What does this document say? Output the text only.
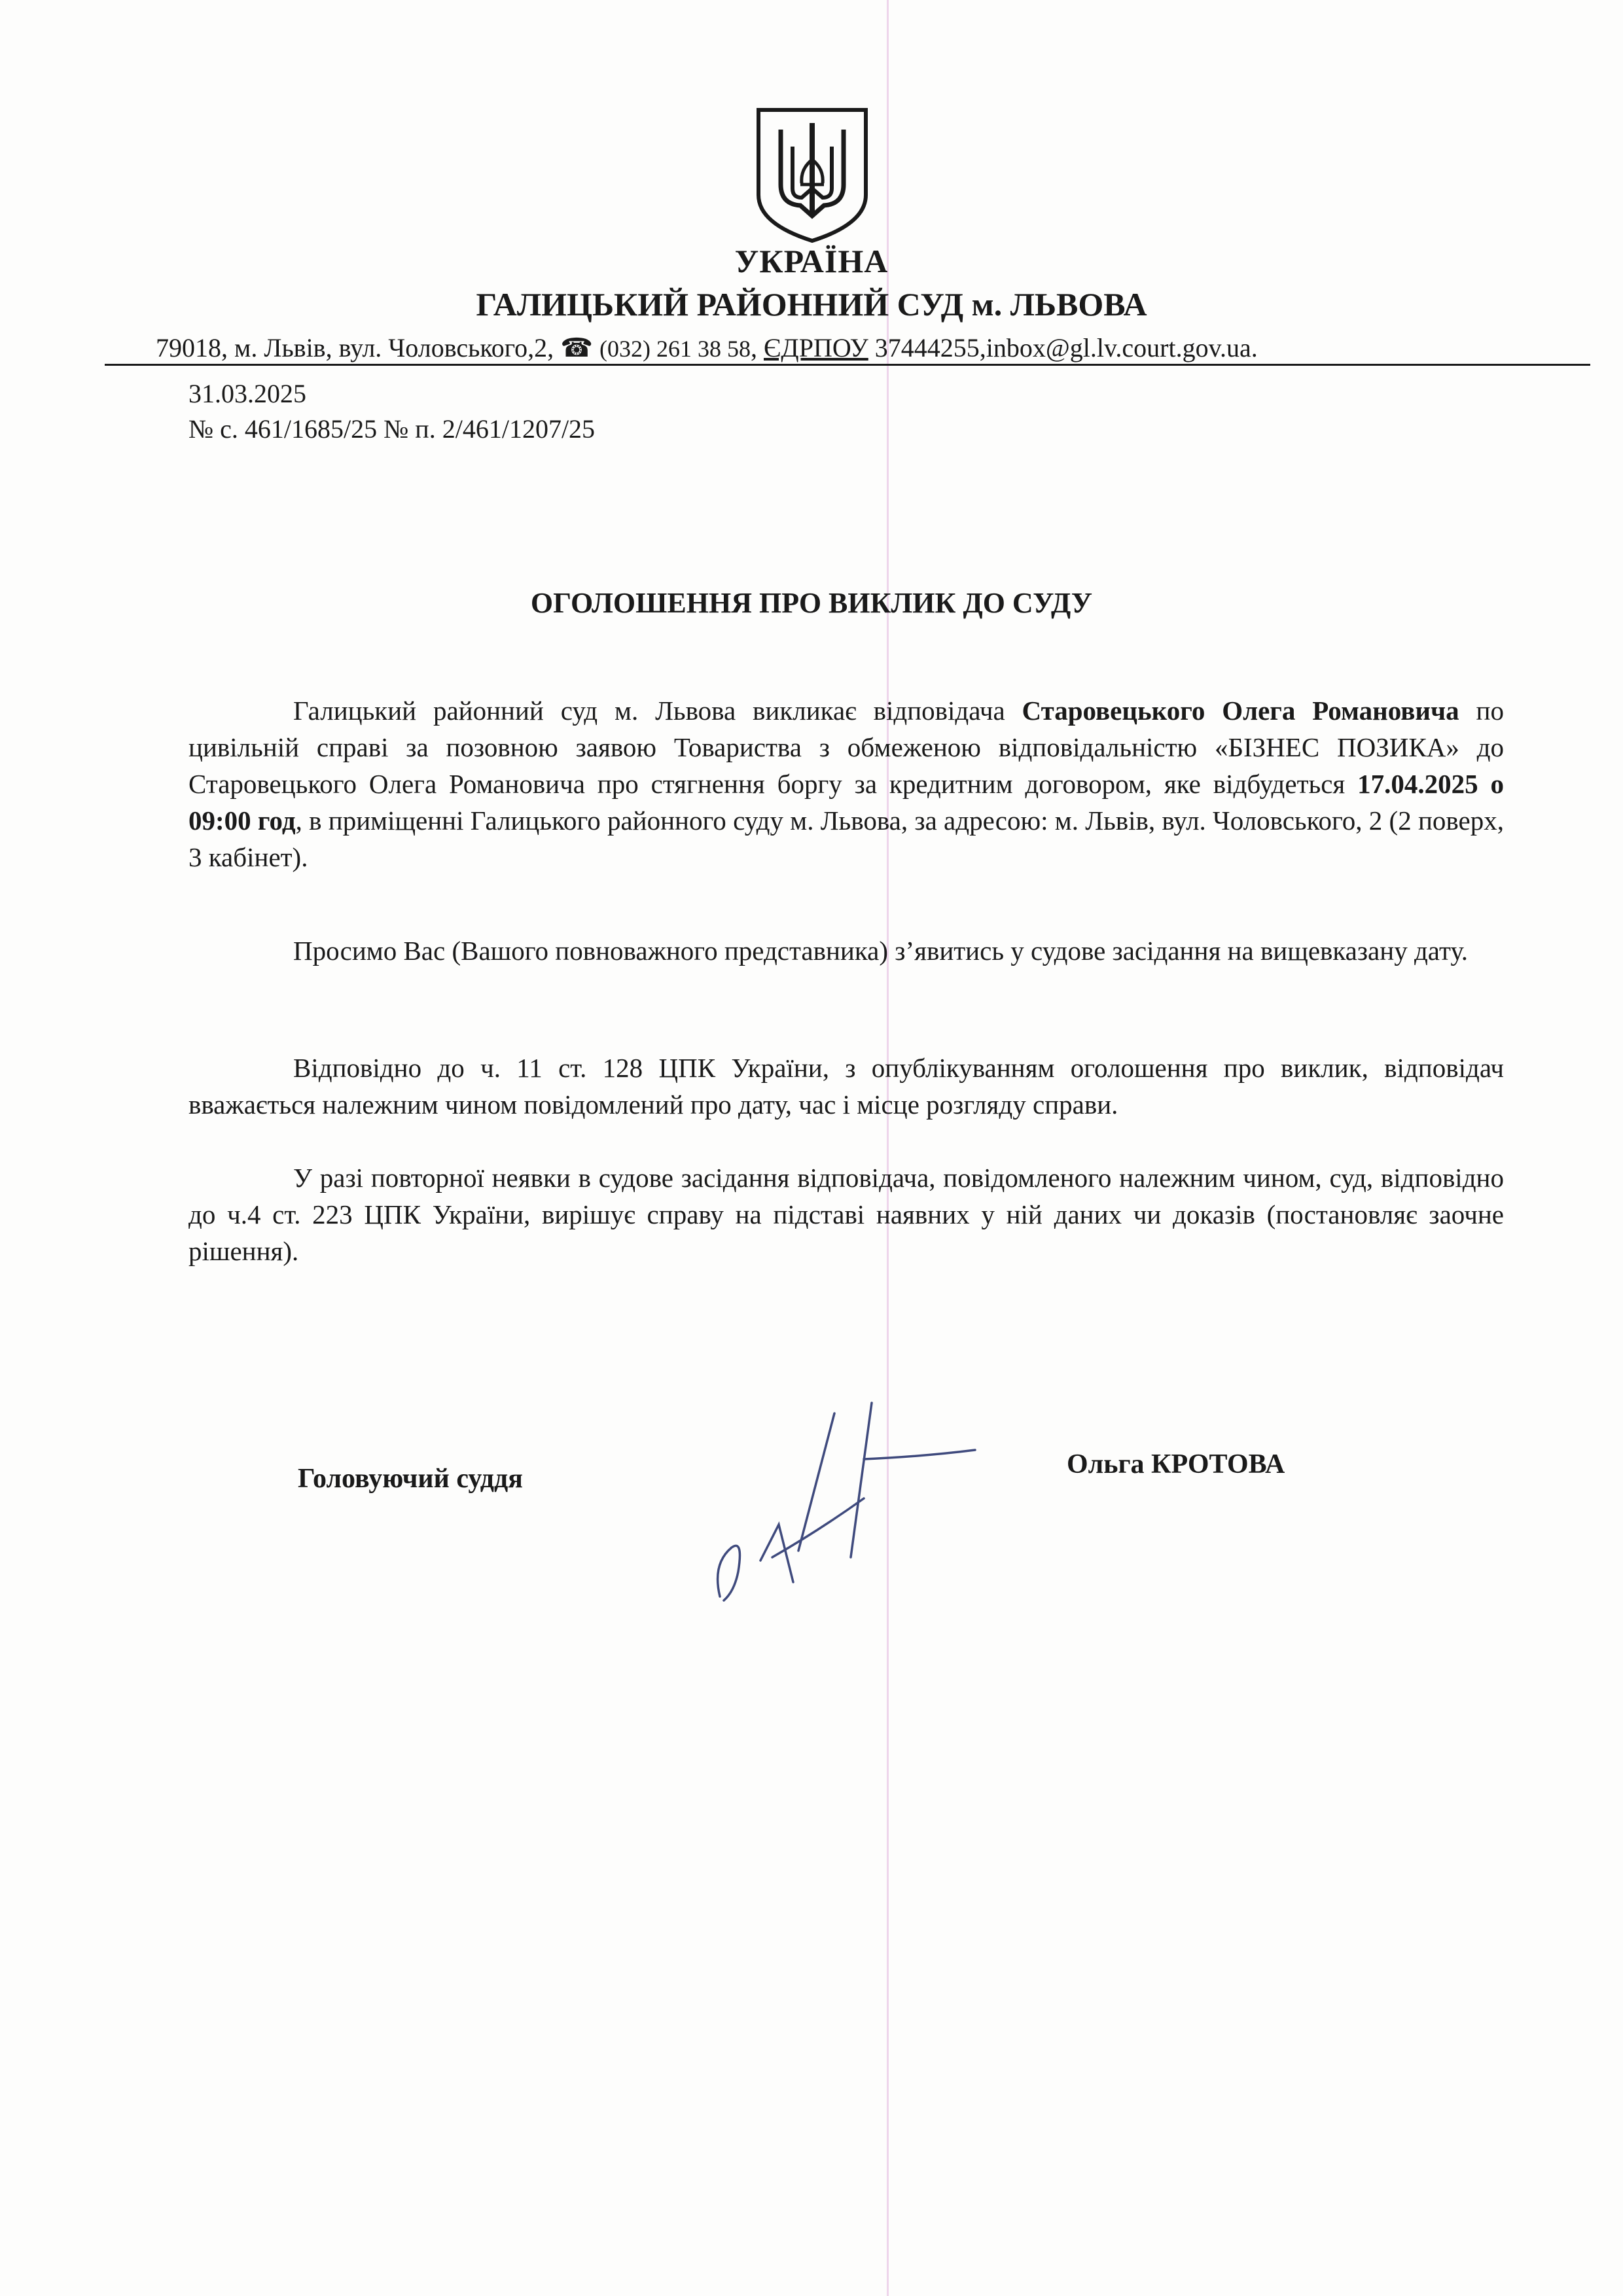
УКРАЇНА
ГАЛИЦЬКИЙ РАЙОННИЙ СУД м. ЛЬВОВА
79018, м. Львів, вул. Чоловського,2, ☎ (032) 261 38 58, ЄДРПОУ 37444255,inbox@gl.lv.court.gov.ua.
31.03.2025
№ с. 461/1685/25 № п. 2/461/1207/25
ОГОЛОШЕННЯ ПРО ВИКЛИК ДО СУДУ

Галицький районний суд м. Львова викликає відповідача Старовецького Олега Романовича по цивільній справі за позовною заявою Товариства з обмеженою відповідальністю «БІЗНЕС ПОЗИКА» до Старовецького Олега Романовича про стягнення боргу за кредитним договором, яке відбудеться 17.04.2025 о 09:00 год, в приміщенні Галицького районного суду м. Львова, за адресою: м. Львів, вул. Чоловського, 2 (2 поверх, 3 кабінет).

Просимо Вас (Вашого повноважного представника) з’явитись у судове засідання на вищевказану дату.

Відповідно до ч. 11 ст. 128 ЦПК України, з опублікуванням оголошення про виклик, відповідач вважається належним чином повідомлений про дату, час і місце розгляду справи.

У разі повторної неявки в судове засідання відповідача, повідомленого належним чином, суд, відповідно до ч.4 ст. 223 ЦПК України, вирішує справу на підставі наявних у ній даних чи доказів (постановляє заочне рішення).

Головуючий суддя	Ольга КРОТОВА
